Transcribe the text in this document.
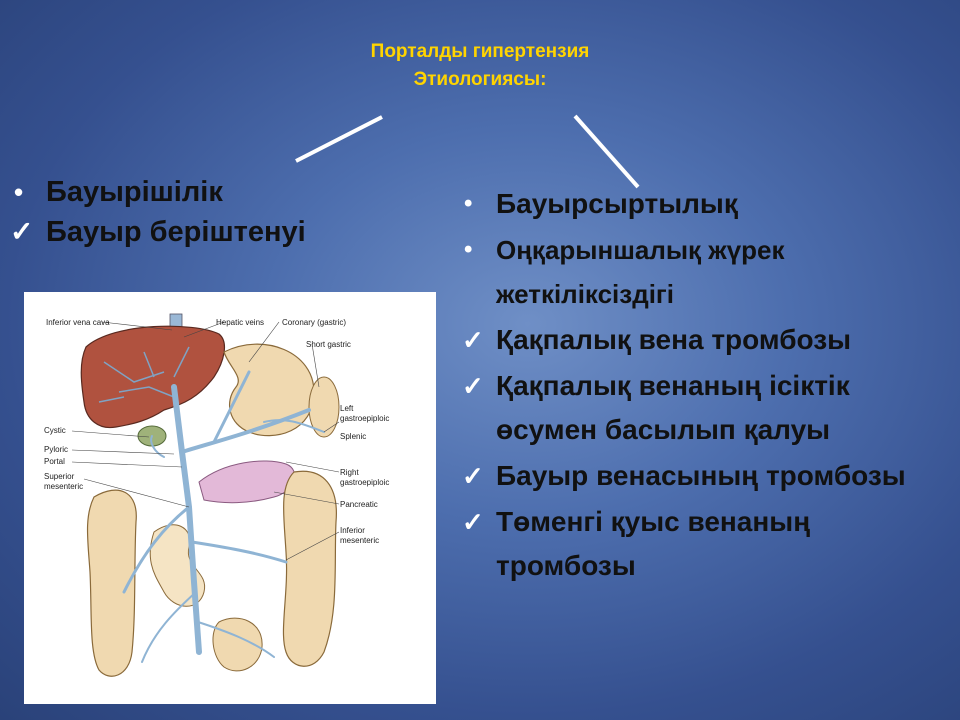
Порталды гипертензия
Этиологиясы:
• Бауырішілік
✓ Бауыр беріштенуі
• Бауырсыртылық
• Оңқарыншалық жүрек жеткіліксіздігі
✓ Қақпалық вена тромбозы
✓ Қақпалық венаның ісіктік өсумен басылып қалуы
✓ Бауыр венасының тромбозы
✓ Төменгі қуыс венаның тромбозы
Inferior vena cava	Hepatic veins Coronary (gastric)
Short gastric
Left gastroepiploic
Splenic
Cystic
Pyloric
Portal
Superior mesenteric
Right gastroepiploic
Pancreatic
Inferior mesenteric
